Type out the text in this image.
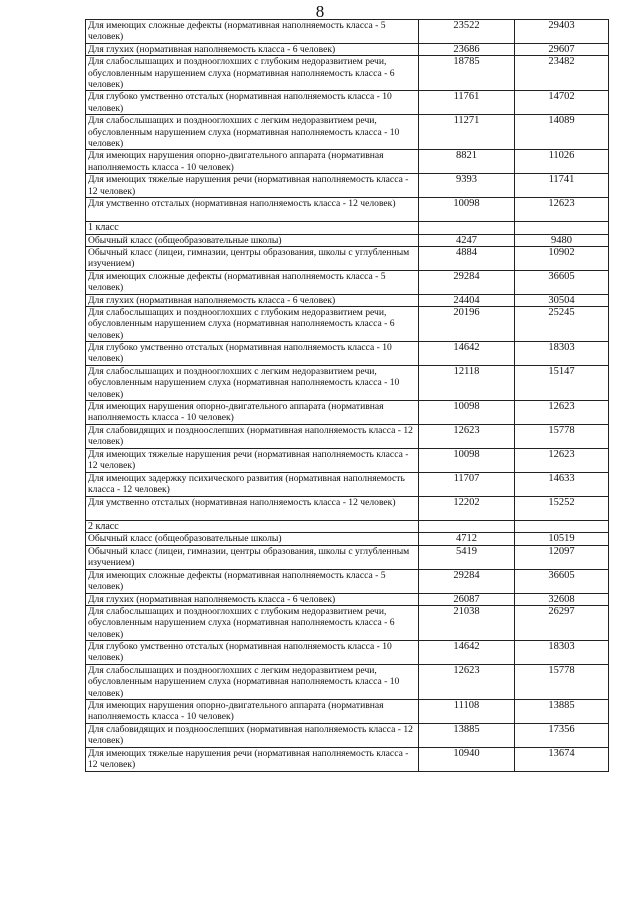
8
Для имеющих сложные дефекты (нормативная наполняемость класса - 5 человек)	23522	29403
Для глухих (нормативная наполняемость класса - 6 человек)	23686	29607
Для слабослышащих и позднооглохших с глубоким недоразвитием речи, обусловленным нарушением слуха (нормативная наполняемость класса - 6 человек)	18785	23482
Для глубоко умственно отсталых (нормативная наполняемость класса - 10 человек)	11761	14702
Для слабослышащих и позднооглохших с легким недоразвитием речи, обусловленным нарушением слуха (нормативная наполняемость класса - 10 человек)	11271	14089
Для имеющих нарушения опорно-двигательного аппарата (нормативная наполняемость класса - 10 человек)	8821	11026
Для имеющих тяжелые нарушения речи (нормативная наполняемость класса - 12 человек)	9393	11741
Для умственно отсталых (нормативная наполняемость класса - 12 человек)	10098	12623
1 класс		
Обычный класс (общеобразовательные школы)	4247	9480
Обычный класс (лицеи, гимназии, центры образования, школы с углубленным изучением)	4884	10902
Для имеющих сложные дефекты (нормативная наполняемость класса - 5 человек)	29284	36605
Для глухих (нормативная наполняемость класса - 6 человек)	24404	30504
Для слабослышащих и позднооглохших с глубоким недоразвитием речи, обусловленным нарушением слуха (нормативная наполняемость класса - 6 человек)	20196	25245
Для глубоко умственно отсталых (нормативная наполняемость класса - 10 человек)	14642	18303
Для слабослышащих и позднооглохших с легким недоразвитием речи, обусловленным нарушением слуха (нормативная наполняемость класса - 10 человек)	12118	15147
Для имеющих нарушения опорно-двигательного аппарата (нормативная наполняемость класса - 10 человек)	10098	12623
Для слабовидящих и поздноослепших (нормативная наполняемость класса - 12 человек)	12623	15778
Для имеющих тяжелые нарушения речи (нормативная наполняемость класса - 12 человек)	10098	12623
Для имеющих задержку психического развития (нормативная наполняемость класса - 12 человек)	11707	14633
Для умственно отсталых (нормативная наполняемость класса - 12 человек)	12202	15252
2 класс		
Обычный класс (общеобразовательные школы)	4712	10519
Обычный класс (лицеи, гимназии, центры образования, школы с углубленным изучением)	5419	12097
Для имеющих сложные дефекты (нормативная наполняемость класса - 5 человек)	29284	36605
Для глухих (нормативная наполняемость класса - 6 человек)	26087	32608
Для слабослышащих и позднооглохших с глубоким недоразвитием речи, обусловленным нарушением слуха (нормативная наполняемость класса - 6 человек)	21038	26297
Для глубоко умственно отсталых (нормативная наполняемость класса - 10 человек)	14642	18303
Для слабослышащих и позднооглохших с легким недоразвитием речи, обусловленным нарушением слуха (нормативная наполняемость класса - 10 человек)	12623	15778
Для имеющих нарушения опорно-двигательного аппарата (нормативная наполняемость класса - 10 человек)	11108	13885
Для слабовидящих и поздноослепших (нормативная наполняемость класса - 12 человек)	13885	17356
Для имеющих тяжелые нарушения речи (нормативная наполняемость класса - 12 человек)	10940	13674
